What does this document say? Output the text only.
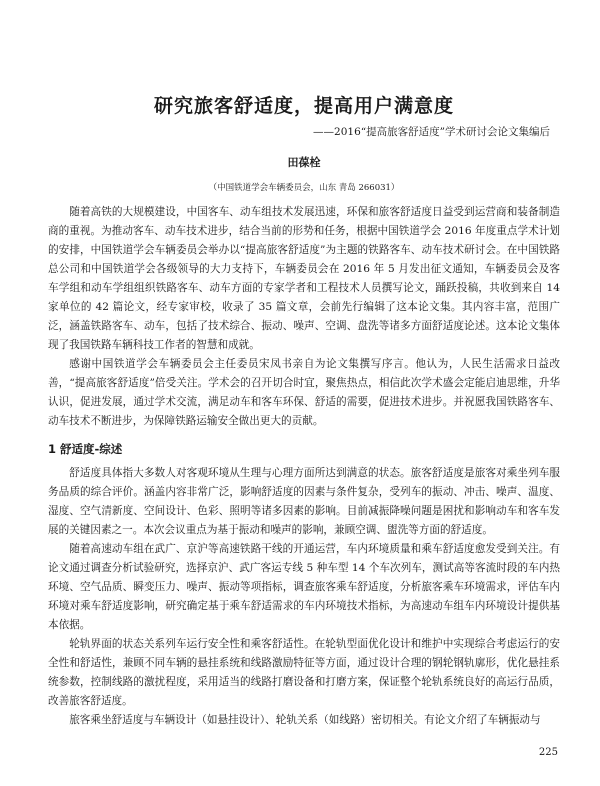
研究旅客舒适度，提高用户满意度
——2016“提高旅客舒适度”学术研讨会论文集编后
田葆栓
（中国铁道学会车辆委员会，山东 青岛 266031）

随着高铁的大规模建设，中国客车、动车组技术发展迅速，环保和旅客舒适度日益受到运营商和装备制造商的重视。为推动客车、动车技术进步，结合当前的形势和任务，根据中国铁道学会 2016 年度重点学术计划的安排，中国铁道学会车辆委员会举办以“提高旅客舒适度”为主题的铁路客车、动车技术研讨会。在中国铁路总公司和中国铁道学会各级领导的大力支持下，车辆委员会在 2016 年 5 月发出征文通知，车辆委员会及客车学组和动车学组组织铁路客车、动车方面的专家学者和工程技术人员撰写论文，踊跃投稿，共收到来自 14 家单位的 42 篇论文，经专家审校，收录了 35 篇文章，会前先行编辑了这本论文集。其内容丰富，范围广泛，涵盖铁路客车、动车，包括了技术综合、振动、噪声、空调、盘洗等诸多方面舒适度论述。这本论文集体现了我国铁路车辆科技工作者的智慧和成就。

感谢中国铁道学会车辆委员会主任委员宋凤书亲自为论文集撰写序言。他认为，人民生活需求日益改善，“提高旅客舒适度”倍受关注。学术会的召开切合时宜，聚焦热点，相信此次学术盛会定能启迪思维，升华认识，促进发展，通过学术交流，满足动车和客车环保、舒适的需要，促进技术进步。并祝愿我国铁路客车、动车技术不断进步，为保障铁路运输安全做出更大的贡献。

1 舒适度-综述

舒适度具体指大多数人对客观环境从生理与心理方面所达到满意的状态。旅客舒适度是旅客对乘坐列车服务品质的综合评价。涵盖内容非常广泛，影响舒适度的因素与条件复杂，受列车的振动、冲击、噪声、温度、湿度、空气清新度、空间设计、色彩、照明等诸多因素的影响。目前减振降噪问题是困扰和影响动车和客车发展的关键因素之一。本次会议重点为基于振动和噪声的影响，兼顾空调、盥洗等方面的舒适度。

随着高速动车组在武广、京沪等高速铁路干线的开通运营，车内环境质量和乘车舒适度愈发受到关注。有论文通过调查分析试验研究，选择京沪、武广客运专线 5 种车型 14 个车次列车，测试高等客流时段的车内热环境、空气品质、瞬变压力、噪声、振动等项指标，调查旅客乘车舒适度，分析旅客乘车环境需求，评估车内环境对乘车舒适度影响，研究确定基于乘车舒适需求的车内环境技术指标，为高速动车组车内环境设计提供基本依据。

轮轨界面的状态关系列车运行安全性和乘客舒适性。在轮轨型面优化设计和维护中实现综合考虑运行的安全性和舒适性，兼顾不同车辆的悬挂系统和线路激励特征等方面，通过设计合理的钢轮钢轨廓形，优化悬挂系统参数，控制线路的激扰程度，采用适当的线路打磨设备和打磨方案，保证整个轮轨系统良好的高运行品质，改善旅客舒适度。

旅客乘坐舒适度与车辆设计（如悬挂设计）、轮轨关系（如线路）密切相关。有论文介绍了车辆振动与

225
